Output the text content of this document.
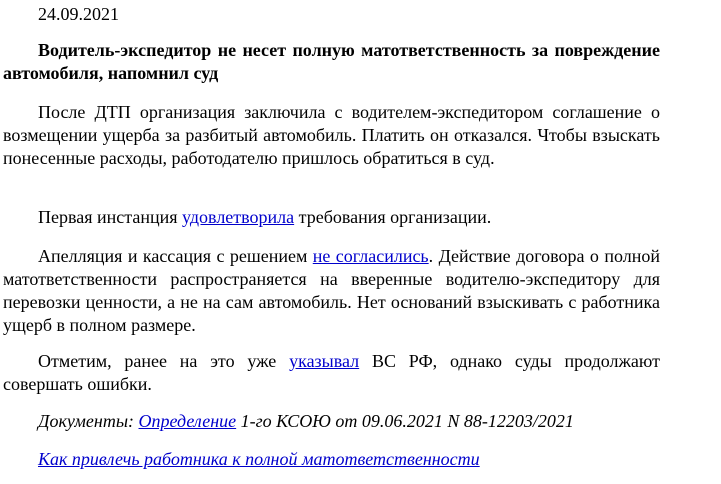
24.09.2021

Водитель-экспедитор не несет полную матответственность за повреждение автомобиля, напомнил суд

После ДТП организация заключила с водителем-экспедитором соглашение о возмещении ущерба за разбитый автомобиль. Платить он отказался. Чтобы взыскать понесенные расходы, работодателю пришлось обратиться в суд.

Первая инстанция удовлетворила требования организации.

Апелляция и кассация с решением не согласились. Действие договора о полной матответственности распространяется на вверенные водителю-экспедитору для перевозки ценности, а не на сам автомобиль. Нет оснований взыскивать с работника ущерб в полном размере.

Отметим, ранее на это уже указывал ВС РФ, однако суды продолжают совершать ошибки.

Документы: Определение 1-го КСОЮ от 09.06.2021 N 88-12203/2021

Как привлечь работника к полной матответственности
